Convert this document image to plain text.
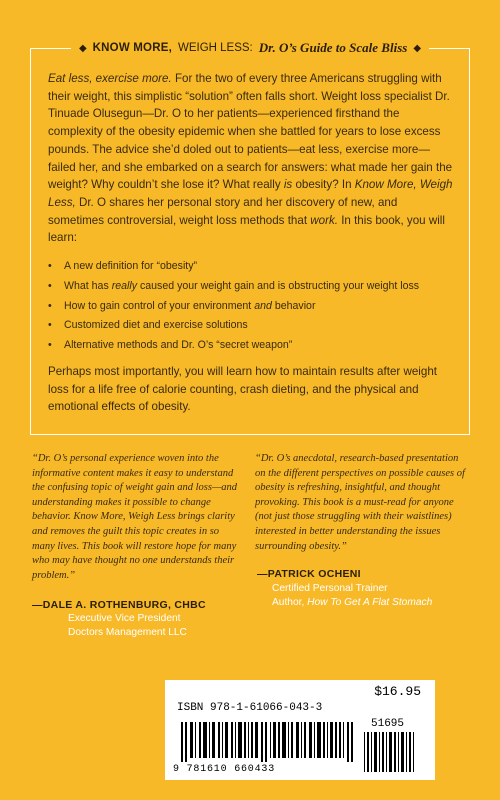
◆ KNOW MORE, WEIGH LESS: Dr. O’s Guide to Scale Bliss ◆

Eat less, exercise more. For the two of every three Americans struggling with their weight, this simplistic “solution” often falls short. Weight loss specialist Dr. Tinuade Olusegun—Dr. O to her patients—experienced firsthand the complexity of the obesity epidemic when she battled for years to lose excess pounds. The advice she’d doled out to patients—eat less, exercise more—failed her, and she embarked on a search for answers: what made her gain the weight? Why couldn’t she lose it? What really is obesity? In Know More, Weigh Less, Dr. O shares her personal story and her discovery of new, and sometimes controversial, weight loss methods that work. In this book, you will learn:

•	A new definition for “obesity”
•	What has really caused your weight gain and is obstructing your weight loss
•	How to gain control of your environment and behavior
•	Customized diet and exercise solutions
•	Alternative methods and Dr. O’s “secret weapon”

Perhaps most importantly, you will learn how to maintain results after weight loss for a life free of calorie counting, crash dieting, and the physical and emotional effects of obesity.

“Dr. O’s personal experience woven into the informative content makes it easy to understand the confusing topic of weight gain and loss—and understanding makes it possible to change behavior. Know More, Weigh Less brings clarity and removes the guilt this topic creates in so many lives. This book will restore hope for many who may have thought no one understands their problem.”

—DALE A. ROTHENBURG, CHBC
Executive Vice President
Doctors Management LLC

“Dr. O’s anecdotal, research-based presentation on the different perspectives on possible causes of obesity is refreshing, insightful, and thought provoking. This book is a must-read for anyone (not just those struggling with their waistlines) interested in better understanding the issues surrounding obesity.”

—PATRICK OCHENI
Certified Personal Trainer
Author, How To Get A Flat Stomach
$16.95
ISBN 978-1-61066-043-3
51695
9 781610 660433
